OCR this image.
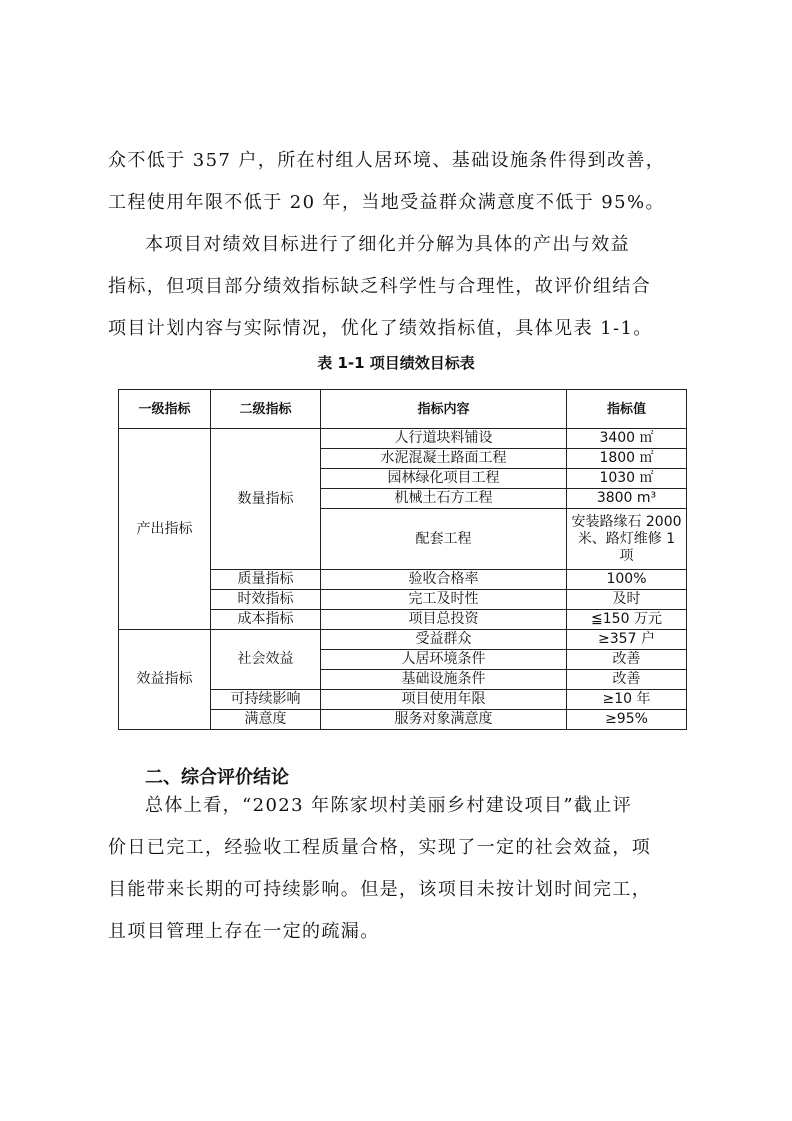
众不低于 357 户，所在村组人居环境、基础设施条件得到改善，
工程使用年限不低于 20 年，当地受益群众满意度不低于 95%。
本项目对绩效目标进行了细化并分解为具体的产出与效益
指标，但项目部分绩效指标缺乏科学性与合理性，故评价组结合
项目计划内容与实际情况，优化了绩效指标值，具体见表 1-1。
表 1-1 项目绩效目标表
一级指标	二级指标	指标内容	指标值
产出指标	数量指标	人行道块料铺设	3400 ㎡
		水泥混凝土路面工程	1800 ㎡
		园林绿化项目工程	1030 ㎡
		机械土石方工程	3800 m³
		配套工程	安装路缘石 2000 米、路灯维修 1 项
	质量指标	验收合格率	100%
	时效指标	完工及时性	及时
	成本指标	项目总投资	≦150 万元
效益指标	社会效益	受益群众	≥357 户
		人居环境条件	改善
		基础设施条件	改善
	可持续影响	项目使用年限	≥10 年
	满意度	服务对象满意度	≥95%
二、综合评价结论
总体上看，“2023 年陈家坝村美丽乡村建设项目”截止评
价日已完工，经验收工程质量合格，实现了一定的社会效益，项
目能带来长期的可持续影响。但是，该项目未按计划时间完工，
且项目管理上存在一定的疏漏。
